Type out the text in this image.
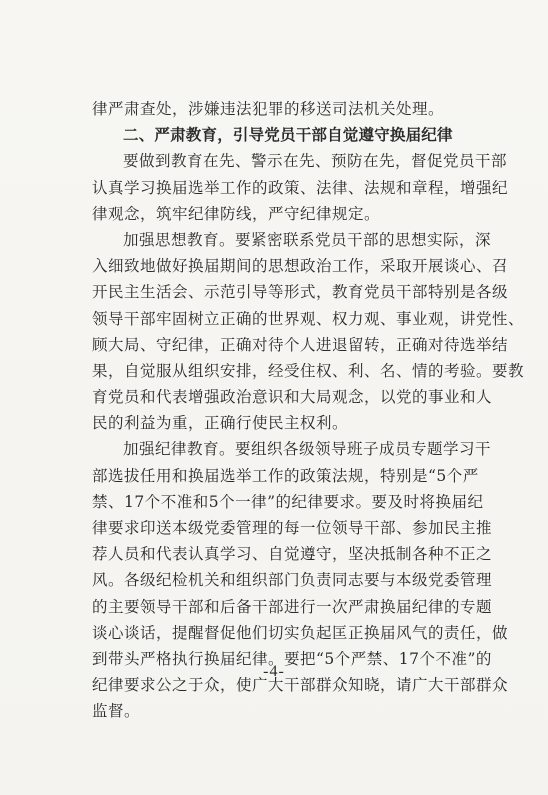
律严肃查处，涉嫌违法犯罪的移送司法机关处理。
二、严肃教育，引导党员干部自觉遵守换届纪律
要做到教育在先、警示在先、预防在先，督促党员干部
认真学习换届选举工作的政策、法律、法规和章程，增强纪
律观念，筑牢纪律防线，严守纪律规定。
加强思想教育。要紧密联系党员干部的思想实际，深
入细致地做好换届期间的思想政治工作，采取开展谈心、召
开民主生活会、示范引导等形式，教育党员干部特别是各级
领导干部牢固树立正确的世界观、权力观、事业观，讲党性、
顾大局、守纪律，正确对待个人进退留转，正确对待选举结
果，自觉服从组织安排，经受住权、利、名、情的考验。要教
育党员和代表增强政治意识和大局观念，以党的事业和人
民的利益为重，正确行使民主权利。
加强纪律教育。要组织各级领导班子成员专题学习干
部选拔任用和换届选举工作的政策法规，特别是“5个严
禁、17个不准和5个一律”的纪律要求。要及时将换届纪
律要求印送本级党委管理的每一位领导干部、参加民主推
荐人员和代表认真学习、自觉遵守，坚决抵制各种不正之
风。各级纪检机关和组织部门负责同志要与本级党委管理
的主要领导干部和后备干部进行一次严肃换届纪律的专题
谈心谈话，提醒督促他们切实负起匡正换届风气的责任，做
到带头严格执行换届纪律。要把“5个严禁、17个不准”的
纪律要求公之于众，使广大干部群众知晓，请广大干部群众
监督。
-4-
